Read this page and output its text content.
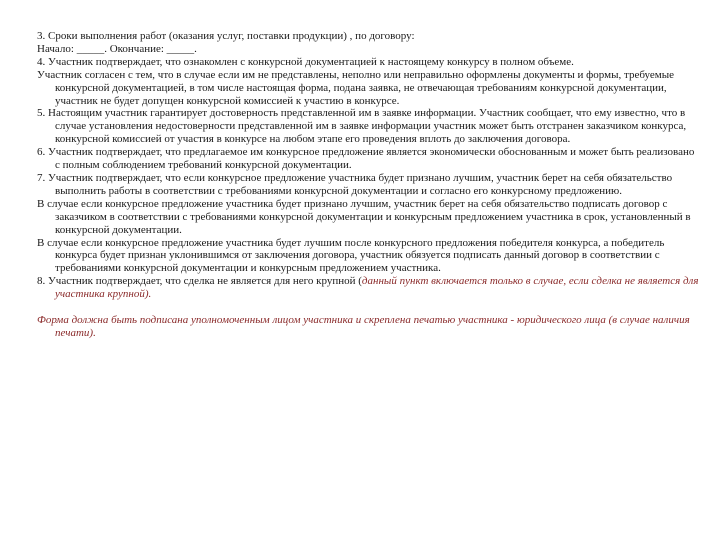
3. Сроки выполнения работ (оказания услуг, поставки продукции) , по договору:

Начало: _____. Окончание: _____.

4. Участник подтверждает, что ознакомлен с конкурсной документацией к настоящему конкурсу в полном объеме.

Участник согласен с тем, что в случае если им не представлены, неполно или неправильно оформлены документы и формы, требуемые конкурсной документацией, в том числе настоящая форма, подана заявка, не отвечающая требованиям конкурсной документации, участник не будет допущен конкурсной комиссией к участию в конкурсе.

5. Настоящим участник гарантирует достоверность представленной им в заявке информации. Участник сообщает, что ему известно, что в случае установления недостоверности представленной им в заявке информации участник может быть отстранен заказчиком конкурса, конкурсной комиссией от участия в конкурсе на любом этапе его проведения вплоть до заключения договора.

6. Участник подтверждает, что предлагаемое им конкурсное предложение является экономически обоснованным и может быть реализовано с полным соблюдением требований конкурсной документации.

7. Участник подтверждает, что если конкурсное предложение участника будет признано лучшим, участник берет на себя обязательство выполнить работы в соответствии с требованиями конкурсной документации и согласно его конкурсному предложению.

В случае если конкурсное предложение участника будет признано лучшим, участник берет на себя обязательство подписать договор с заказчиком в соответствии с требованиями конкурсной документации и конкурсным предложением участника в срок, установленный в конкурсной документации.

В случае если конкурсное предложение участника будет лучшим после конкурсного предложения победителя конкурса, а победитель конкурса будет признан уклонившимся от заключения договора, участник обязуется подписать данный договор в соответствии с требованиями конкурсной документации и конкурсным предложением участника.

8. Участник подтверждает, что сделка не является для него крупной (данный пункт включается только в случае, если сделка не является для участника крупной).

Форма должна быть подписана уполномоченным лицом участника и скреплена печатью участника - юридического лица (в случае наличия печати).
